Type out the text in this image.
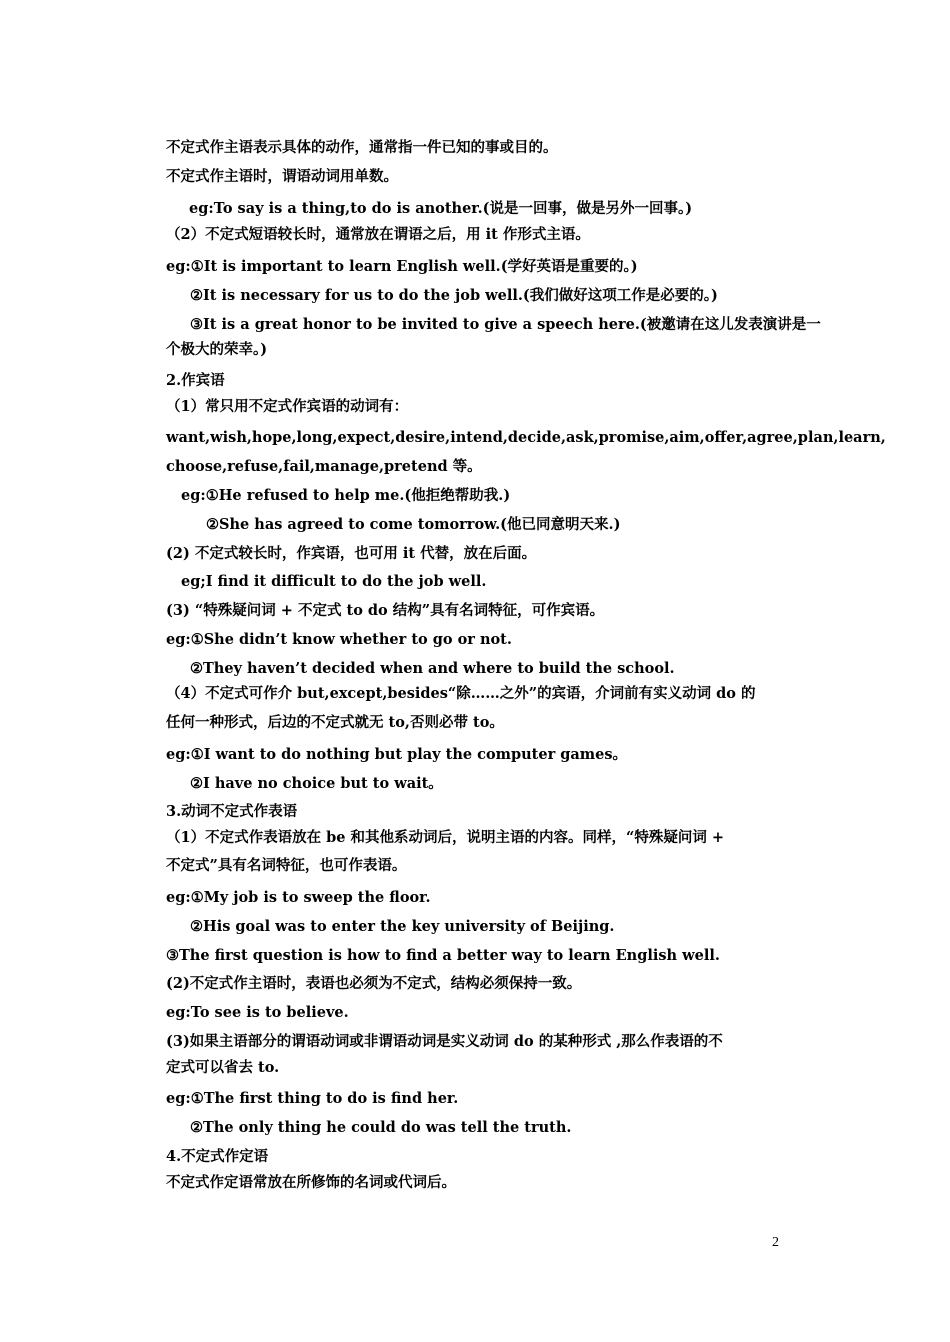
不定式作主语表示具体的动作，通常指一件已知的事或目的。
不定式作主语时，谓语动词用单数。
eg:To say is a thing,to do is another.(说是一回事，做是另外一回事。)
（2）不定式短语较长时，通常放在谓语之后，用 it 作形式主语。
eg:①It is important to learn English well.(学好英语是重要的。)
②It is necessary for us to do the job well.(我们做好这项工作是必要的。)
③It is a great honor to be invited to give a speech here.(被邀请在这儿发表演讲是一
个极大的荣幸。)
2.作宾语
（1）常只用不定式作宾语的动词有：
want,wish,hope,long,expect,desire,intend,decide,ask,promise,aim,offer,agree,plan,learn,
choose,refuse,fail,manage,pretend 等。
eg:①He refused to help me.(他拒绝帮助我.)
②She has agreed to come tomorrow.(他已同意明天来.)
(2) 不定式较长时，作宾语，也可用 it 代替，放在后面。
eg;I find it difficult to do the job well.
(3) “特殊疑问词 + 不定式 to do 结构”具有名词特征，可作宾语。
eg:①She didn’t know whether to go or not.
②They haven’t decided when and where to build the school.
（4）不定式可作介 but,except,besides“除……之外”的宾语，介词前有实义动词 do 的
任何一种形式，后边的不定式就无 to,否则必带 to。
eg:①I want to do nothing but play the computer games。
②I have no choice but to wait。
3.动词不定式作表语
（1）不定式作表语放在 be 和其他系动词后，说明主语的内容。同样，“特殊疑问词 +
不定式”具有名词特征，也可作表语。
eg:①My job is to sweep the floor.
②His goal was to enter the key university of Beijing.
③The first question is how to find a better way to learn English well.
(2)不定式作主语时，表语也必须为不定式，结构必须保持一致。
eg:To see is to believe.
(3)如果主语部分的谓语动词或非谓语动词是实义动词 do 的某种形式 ,那么作表语的不
定式可以省去 to.
eg:①The first thing to do is find her.
②The only thing he could do was tell the truth.
4.不定式作定语
不定式作定语常放在所修饰的名词或代词后。
2
